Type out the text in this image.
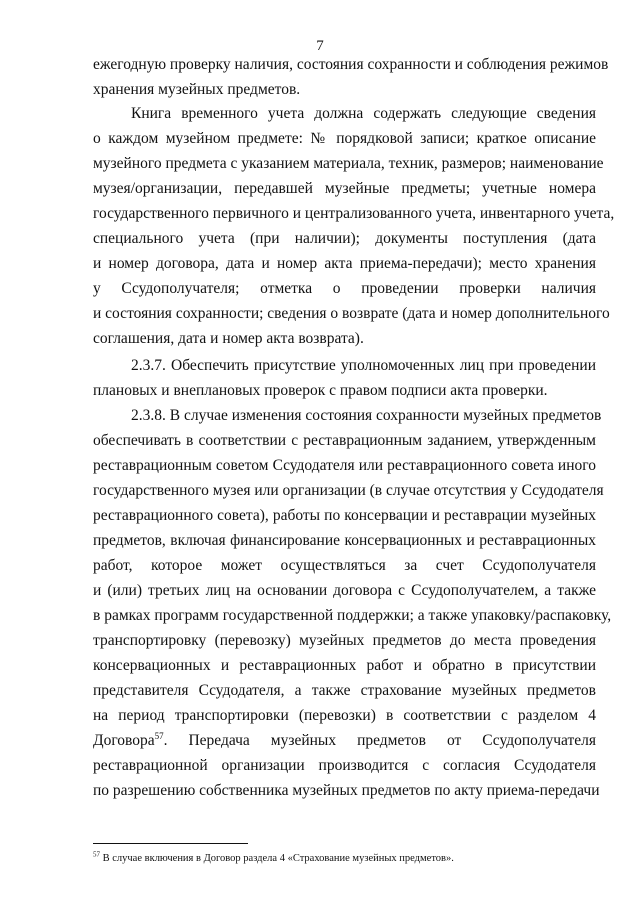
7
ежегодную проверку наличия, состояния сохранности и соблюдения режимов
хранения музейных предметов.
Книга временного учета должна содержать следующие сведения
о каждом музейном предмете: № порядковой записи; краткое описание
музейного предмета с указанием материала, техник, размеров; наименование
музея/организации, передавшей музейные предметы; учетные номера
государственного первичного и централизованного учета, инвентарного учета,
специального учета (при наличии); документы поступления (дата
и номер договора, дата и номер акта приема-передачи); место хранения
у Ссудополучателя; отметка о проведении проверки наличия
и состояния сохранности; сведения о возврате (дата и номер дополнительного
соглашения, дата и номер акта возврата).
2.3.7. Обеспечить присутствие уполномоченных лиц при проведении
плановых и внеплановых проверок с правом подписи акта проверки.
2.3.8. В случае изменения состояния сохранности музейных предметов
обеспечивать в соответствии с реставрационным заданием, утвержденным
реставрационным советом Ссудодателя или реставрационного совета иного
государственного музея или организации (в случае отсутствия у Ссудодателя
реставрационного совета), работы по консервации и реставрации музейных
предметов, включая финансирование консервационных и реставрационных
работ, которое может осуществляться за счет Ссудополучателя
и (или) третьих лиц на основании договора с Ссудополучателем, а также
в рамках программ государственной поддержки; а также упаковку/распаковку,
транспортировку (перевозку) музейных предметов до места проведения
консервационных и реставрационных работ и обратно в присутствии
представителя Ссудодателя, а также страхование музейных предметов
на период транспортировки (перевозки) в соответствии с разделом 4
Договора$^{57}$. Передача музейных предметов от Ссудополучателя
реставрационной организации производится с согласия Ссудодателя
по разрешению собственника музейных предметов по акту приема-передачи
$^{57}$ В случае включения в Договор раздела 4 «Страхование музейных предметов».
